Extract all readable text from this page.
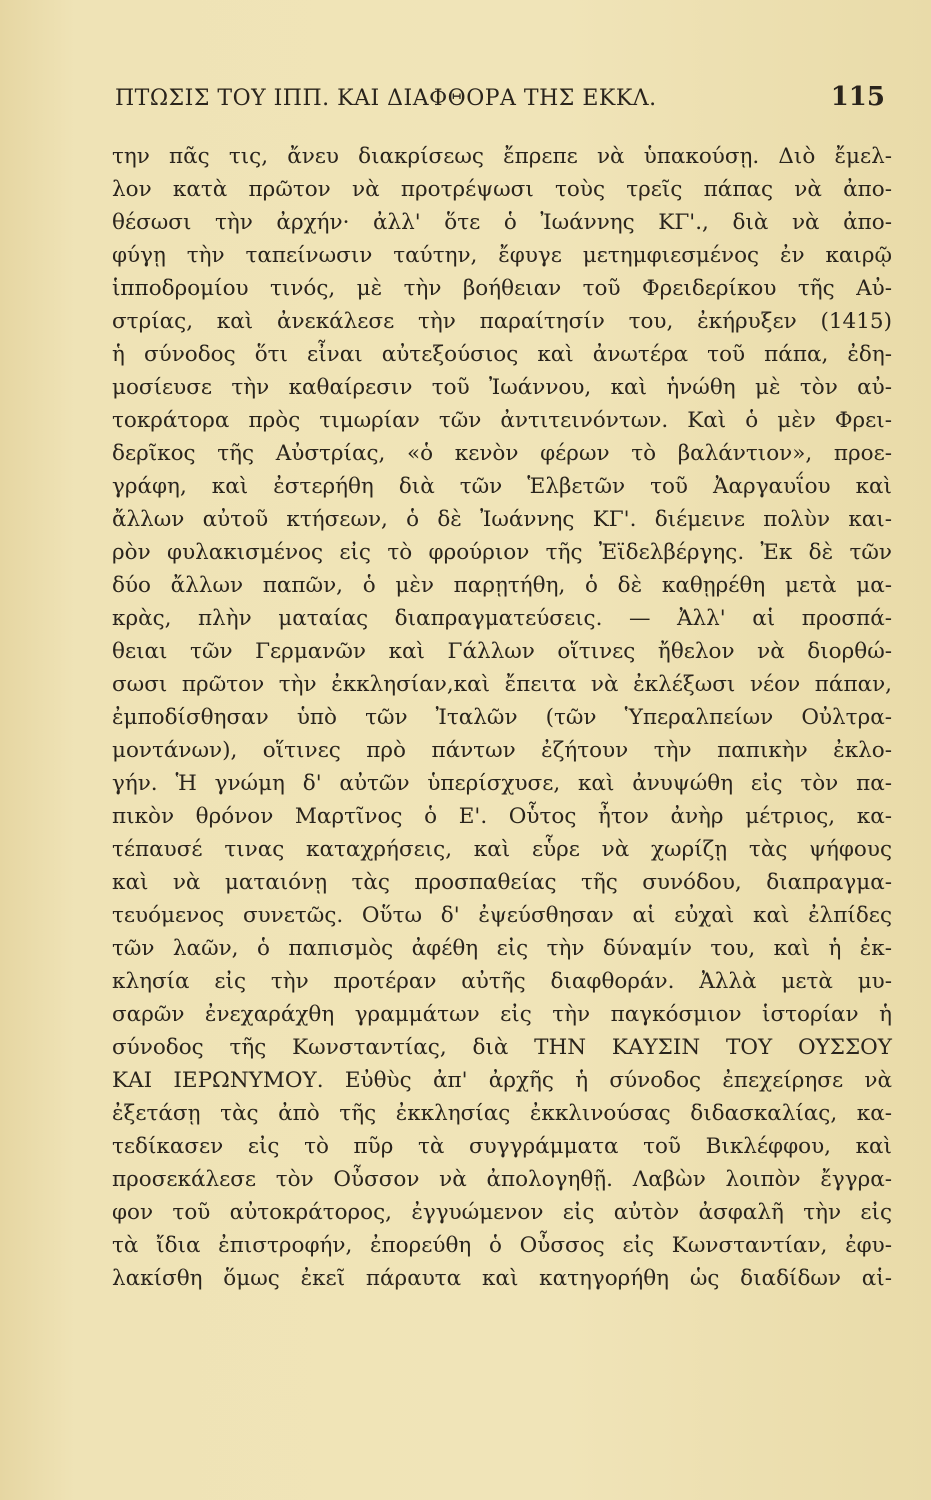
ΠΤΩΣΙΣ ΤΟΥ ΙΠΠ. ΚΑΙ ΔΙΑΦΘΟΡΑ ΤΗΣ ΕΚΚΛ.	115
την πᾶς τις, ἄνευ διακρίσεως ἔπρεπε νὰ ὑπακούσῃ. Διὸ ἔμελ-
λον κατὰ πρῶτον νὰ προτρέψωσι τοὺς τρεῖς πάπας νὰ ἀπο-
θέσωσι τὴν ἀρχήν· ἀλλ' ὅτε ὁ Ἰωάννης ΚΓ'., διὰ νὰ ἀπο-
φύγῃ τὴν ταπείνωσιν ταύτην, ἔφυγε μετημφιεσμένος ἐν καιρῷ
ἱπποδρομίου τινός, μὲ τὴν βοήθειαν τοῦ Φρειδερίκου τῆς Αὐ-
στρίας, καὶ ἀνεκάλεσε τὴν παραίτησίν του, ἐκήρυξεν (1415)
ἡ σύνοδος ὅτι εἶναι αὐτεξούσιος καὶ ἀνωτέρα τοῦ πάπα, ἐδη-
μοσίευσε τὴν καθαίρεσιν τοῦ Ἰωάννου, καὶ ἡνώθη μὲ τὸν αὐ-
τοκράτορα πρὸς τιμωρίαν τῶν ἀντιτεινόντων. Καὶ ὁ μὲν Φρει-
δερῖκος τῆς Αὐστρίας, «ὁ κενὸν φέρων τὸ βαλάντιον», προε-
γράφη, καὶ ἐστερήθη διὰ τῶν Ἑλβετῶν τοῦ Ἀαργαυΐου καὶ
ἄλλων αὐτοῦ κτήσεων, ὁ δὲ Ἰωάννης ΚΓ'. διέμεινε πολὺν και-
ρὸν φυλακισμένος εἰς τὸ φρούριον τῆς Ἐϊδελβέργης. Ἐκ δὲ τῶν
δύο ἄλλων παπῶν, ὁ μὲν παρῃτήθη, ὁ δὲ καθῃρέθη μετὰ μα-
κρὰς, πλὴν ματαίας διαπραγματεύσεις. — Ἀλλ' αἱ προσπά-
θειαι τῶν Γερμανῶν καὶ Γάλλων οἵτινες ἤθελον νὰ διορθώ-
σωσι πρῶτον τὴν ἐκκλησίαν,καὶ ἔπειτα νὰ ἐκλέξωσι νέον πάπαν,
ἐμποδίσθησαν ὑπὸ τῶν Ἰταλῶν (τῶν Ὑπεραλπείων Οὐλτρα-
μοντάνων), οἵτινες πρὸ πάντων ἐζήτουν τὴν παπικὴν ἐκλο-
γήν. Ἡ γνώμη δ' αὐτῶν ὑπερίσχυσε, καὶ ἀνυψώθη εἰς τὸν πα-
πικὸν θρόνον Μαρτῖνος ὁ Ε'. Οὗτος ἦτον ἀνὴρ μέτριος, κα-
τέπαυσέ τινας καταχρήσεις, καὶ εὗρε νὰ χωρίζῃ τὰς ψήφους
καὶ νὰ ματαιόνῃ τὰς προσπαθείας τῆς συνόδου, διαπραγμα-
τευόμενος συνετῶς. Οὕτω δ' ἐψεύσθησαν αἱ εὐχαὶ καὶ ἐλπίδες
τῶν λαῶν, ὁ παπισμὸς ἀφέθη εἰς τὴν δύναμίν του, καὶ ἡ ἐκ-
κλησία εἰς τὴν προτέραν αὐτῆς διαφθοράν. Ἀλλὰ μετὰ μυ-
σαρῶν ἐνεχαράχθη γραμμάτων εἰς τὴν παγκόσμιον ἱστορίαν ἡ
σύνοδος τῆς Κωνσταντίας, διὰ ΤΗΝ ΚΑΥΣΙΝ ΤΟΥ ΟΥΣΣΟΥ
ΚΑΙ ΙΕΡΩΝΥΜΟΥ. Εὐθὺς ἀπ' ἀρχῆς ἡ σύνοδος ἐπεχείρησε νὰ
ἐξετάσῃ τὰς ἀπὸ τῆς ἐκκλησίας ἐκκλινούσας διδασκαλίας, κα-
τεδίκασεν εἰς τὸ πῦρ τὰ συγγράμματα τοῦ Βικλέφφου, καὶ
προσεκάλεσε τὸν Οὖσσον νὰ ἀπολογηθῇ. Λαβὼν λοιπὸν ἔγγρα-
φον τοῦ αὐτοκράτορος, ἐγγυώμενον εἰς αὐτὸν ἀσφαλῆ τὴν εἰς
τὰ ἴδια ἐπιστροφήν, ἐπορεύθη ὁ Οὖσσος εἰς Κωνσταντίαν, ἐφυ-
λακίσθη ὅμως ἐκεῖ πάραυτα καὶ κατηγορήθη ὡς διαδίδων αἱ-
